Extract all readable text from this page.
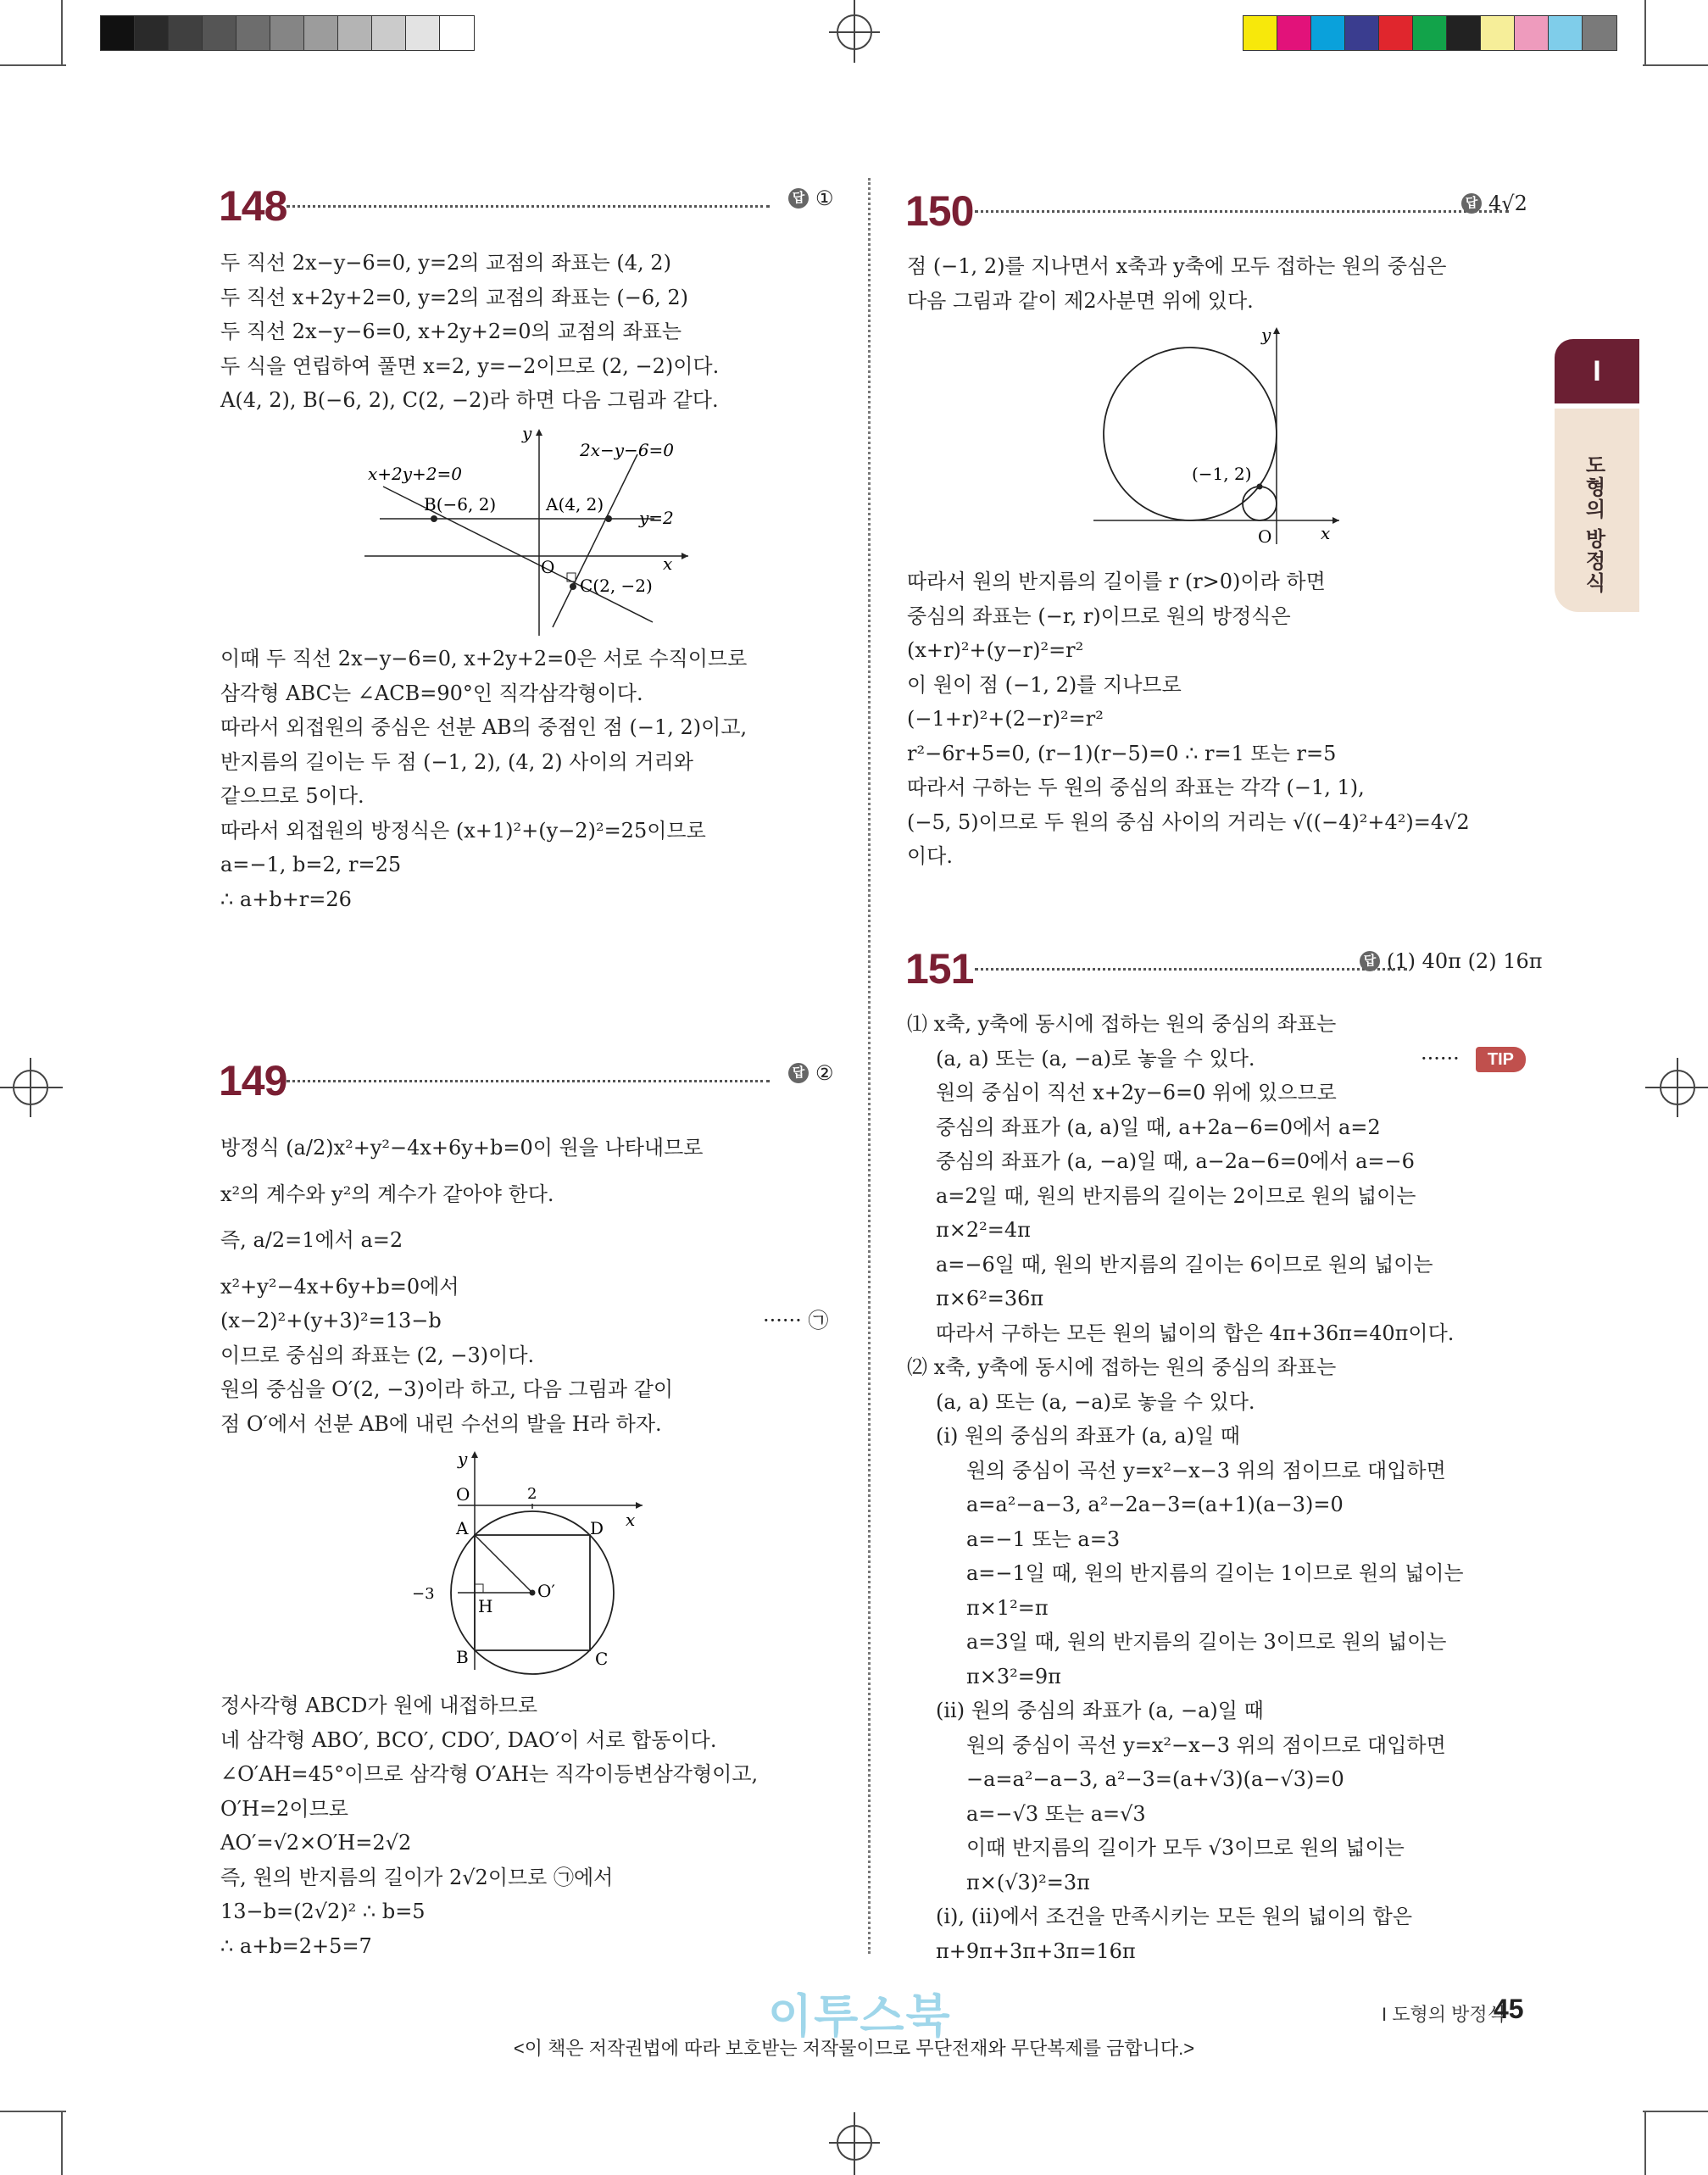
I
도형의 방정식
148	답 ①

두 직선 2x−y−6=0, y=2의 교점의 좌표는 (4, 2)

두 직선 x+2y+2=0, y=2의 교점의 좌표는 (−6, 2)

두 직선 2x−y−6=0, x+2y+2=0의 교점의 좌표는

두 식을 연립하여 풀면 x=2, y=−2이므로 (2, −2)이다.

A(4, 2), B(−6, 2), C(2, −2)라 하면 다음 그림과 같다.

x+2y+2=0
2x−y−6=0
y=2
B(−6, 2)	A(4, 2)
C(2, −2)
O	x
y

이때 두 직선 2x−y−6=0, x+2y+2=0은 서로 수직이므로

삼각형 ABC는 ∠ACB=90°인 직각삼각형이다.

따라서 외접원의 중심은 선분 AB의 중점인 점 (−1, 2)이고,

반지름의 길이는 두 점 (−1, 2), (4, 2) 사이의 거리와

같으므로 5이다.

따라서 외접원의 방정식은 (x+1)²+(y−2)²=25이므로

a=−1, b=2, r=25

∴ a+b+r=26

149	답 ②

방정식 (a/2)x²+y²−4x+6y+b=0이 원을 나타내므로

x²의 계수와 y²의 계수가 같아야 한다.

즉, a/2=1에서 a=2

x²+y²−4x+6y+b=0에서

(x−2)²+(y+3)²=13−b	······ ㉠

이므로 중심의 좌표는 (2, −3)이다.

원의 중심을 O′(2, −3)이라 하고, 다음 그림과 같이

점 O′에서 선분 AB에 내린 수선의 발을 H라 하자.

O	2
−3
A
B	C
D
H
O′
x
y

정사각형 ABCD가 원에 내접하므로

네 삼각형 ABO′, BCO′, CDO′, DAO′이 서로 합동이다.

∠O′AH=45°이므로 삼각형 O′AH는 직각이등변삼각형이고,

O′H=2이므로

AO′=√2×O′H=2√2

즉, 원의 반지름의 길이가 2√2이므로 ㉠에서

13−b=(2√2)² ∴ b=5

∴ a+b=2+5=7

150	답 4√2

점 (−1, 2)를 지나면서 x축과 y축에 모두 접하는 원의 중심은

다음 그림과 같이 제2사분면 위에 있다.

(−1, 2)
O	x
y

따라서 원의 반지름의 길이를 r (r>0)이라 하면

중심의 좌표는 (−r, r)이므로 원의 방정식은

(x+r)²+(y−r)²=r²

이 원이 점 (−1, 2)를 지나므로

(−1+r)²+(2−r)²=r²

r²−6r+5=0, (r−1)(r−5)=0 ∴ r=1 또는 r=5

따라서 구하는 두 원의 중심의 좌표는 각각 (−1, 1),

(−5, 5)이므로 두 원의 중심 사이의 거리는 √((−4)²+4²)=4√2

이다.

151	답 (1) 40π (2) 16π

⑴ x축, y축에 동시에 접하는 원의 중심의 좌표는

(a, a) 또는 (a, −a)로 놓을 수 있다.	······	TIP

원의 중심이 직선 x+2y−6=0 위에 있으므로

중심의 좌표가 (a, a)일 때, a+2a−6=0에서 a=2

중심의 좌표가 (a, −a)일 때, a−2a−6=0에서 a=−6

a=2일 때, 원의 반지름의 길이는 2이므로 원의 넓이는

π×2²=4π

a=−6일 때, 원의 반지름의 길이는 6이므로 원의 넓이는

π×6²=36π

따라서 구하는 모든 원의 넓이의 합은 4π+36π=40π이다.

⑵ x축, y축에 동시에 접하는 원의 중심의 좌표는

(a, a) 또는 (a, −a)로 놓을 수 있다.

(ⅰ) 원의 중심의 좌표가 (a, a)일 때

원의 중심이 곡선 y=x²−x−3 위의 점이므로 대입하면

a=a²−a−3, a²−2a−3=(a+1)(a−3)=0

a=−1 또는 a=3

a=−1일 때, 원의 반지름의 길이는 1이므로 원의 넓이는

π×1²=π

a=3일 때, 원의 반지름의 길이는 3이므로 원의 넓이는

π×3²=9π

(ⅱ) 원의 중심의 좌표가 (a, −a)일 때

원의 중심이 곡선 y=x²−x−3 위의 점이므로 대입하면

−a=a²−a−3, a²−3=(a+√3)(a−√3)=0

a=−√3 또는 a=√3

이때 반지름의 길이가 모두 √3이므로 원의 넓이는

π×(√3)²=3π

(ⅰ), (ⅱ)에서 조건을 만족시키는 모든 원의 넓이의 합은

π+9π+3π+3π=16π

이투스북	I 도형의 방정식
45
<이 책은 저작권법에 따라 보호받는 저작물이므로 무단전재와 무단복제를 금합니다.>
